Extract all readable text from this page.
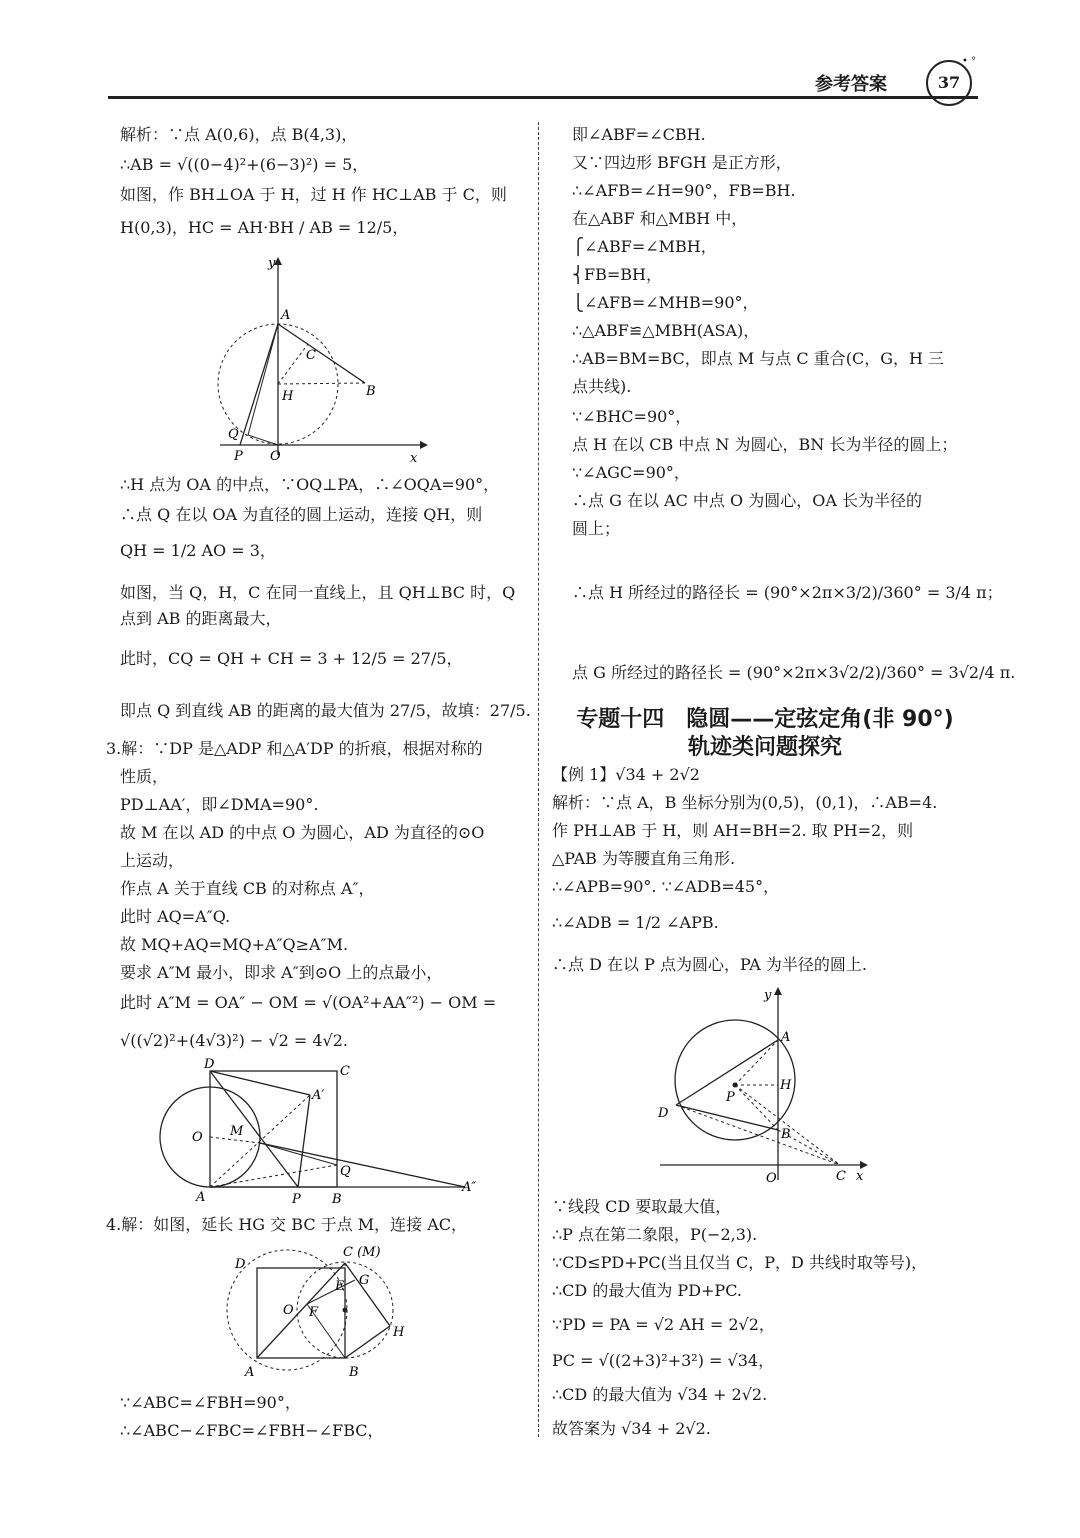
参考答案	37
• °
解析：∵点 A(0,6)，点 B(4,3)，
∴AB = √((0−4)²+(6−3)²) = 5，
如图，作 BH⊥OA 于 H，过 H 作 HC⊥AB 于 C，则
H(0,3)，HC = AH·BH / AB = 12/5，
∴H 点为 OA 的中点，∵OQ⊥PA，∴∠OQA=90°，
∴点 Q 在以 OA 为直径的圆上运动，连接 QH，则
QH = 1/2 AO = 3，
如图，当 Q，H，C 在同一直线上，且 QH⊥BC 时，Q
点到 AB 的距离最大，
此时，CQ = QH + CH = 3 + 12/5 = 27/5，
即点 Q 到直线 AB 的距离的最大值为 27/5，故填：27/5.
3.解：∵DP 是△ADP 和△A′DP 的折痕，根据对称的
性质，
PD⊥AA′，即∠DMA=90°.
故 M 在以 AD 的中点 O 为圆心，AD 为直径的⊙O
上运动，
作点 A 关于直线 CB 的对称点 A″，
此时 AQ=A″Q.
故 MQ+AQ=MQ+A″Q≥A″M.
要求 A″M 最小，即求 A″到⊙O 上的点最小，
此时 A″M = OA″ − OM = √(OA²+AA″²) − OM =
√((√2)²+(4√3)²) − √2 = 4√2.
4.解：如图，延长 HG 交 BC 于点 M，连接 AC，
∵∠ABC=∠FBH=90°，
∴∠ABC−∠FBC=∠FBH−∠FBC，
y
A
C
B
H
Q
P O	x
D	C
A′
O M
Q
A	P B
A″
D
C (M)
E G
O F
H
A	B
即∠ABF=∠CBH.
又∵四边形 BFGH 是正方形，
∴∠AFB=∠H=90°，FB=BH.
在△ABF 和△MBH 中，
⎧∠ABF=∠MBH，
⎨FB=BH，
⎩∠AFB=∠MHB=90°，
∴△ABF≌△MBH(ASA)，
∴AB=BM=BC，即点 M 与点 C 重合(C，G，H 三
点共线).
∵∠BHC=90°，
点 H 在以 CB 中点 N 为圆心，BN 长为半径的圆上；
∵∠AGC=90°，
∴点 G 在以 AC 中点 O 为圆心，OA 长为半径的
圆上；
∴点 H 所经过的路径长 = (90°×2π×3/2)/360° = 3/4 π；
点 G 所经过的路径长 = (90°×2π×3√2/2)/360° = 3√2/4 π.
【例 1】√34 + 2√2
解析：∵点 A，B 坐标分别为(0,5)，(0,1)，∴AB=4.
作 PH⊥AB 于 H，则 AH=BH=2. 取 PH=2，则
△PAB 为等腰直角三角形.
∴∠APB=90°. ∵∠ADB=45°，
∴∠ADB = 1/2 ∠APB.
∴点 D 在以 P 点为圆心，PA 为半径的圆上.
∵线段 CD 要取最大值，
∴P 点在第二象限，P(−2,3).
∵CD≤PD+PC(当且仅当 C，P，D 共线时取等号)，
∴CD 的最大值为 PD+PC.
∵PD = PA = √2 AH = 2√2，
PC = √((2+3)²+3²) = √34，
∴CD 的最大值为 √34 + 2√2.
故答案为 √34 + 2√2.
专题十四　隐圆——定弦定角(非 90°)
轨迹类问题探究
y
A
H
P
D
B
O	C x
